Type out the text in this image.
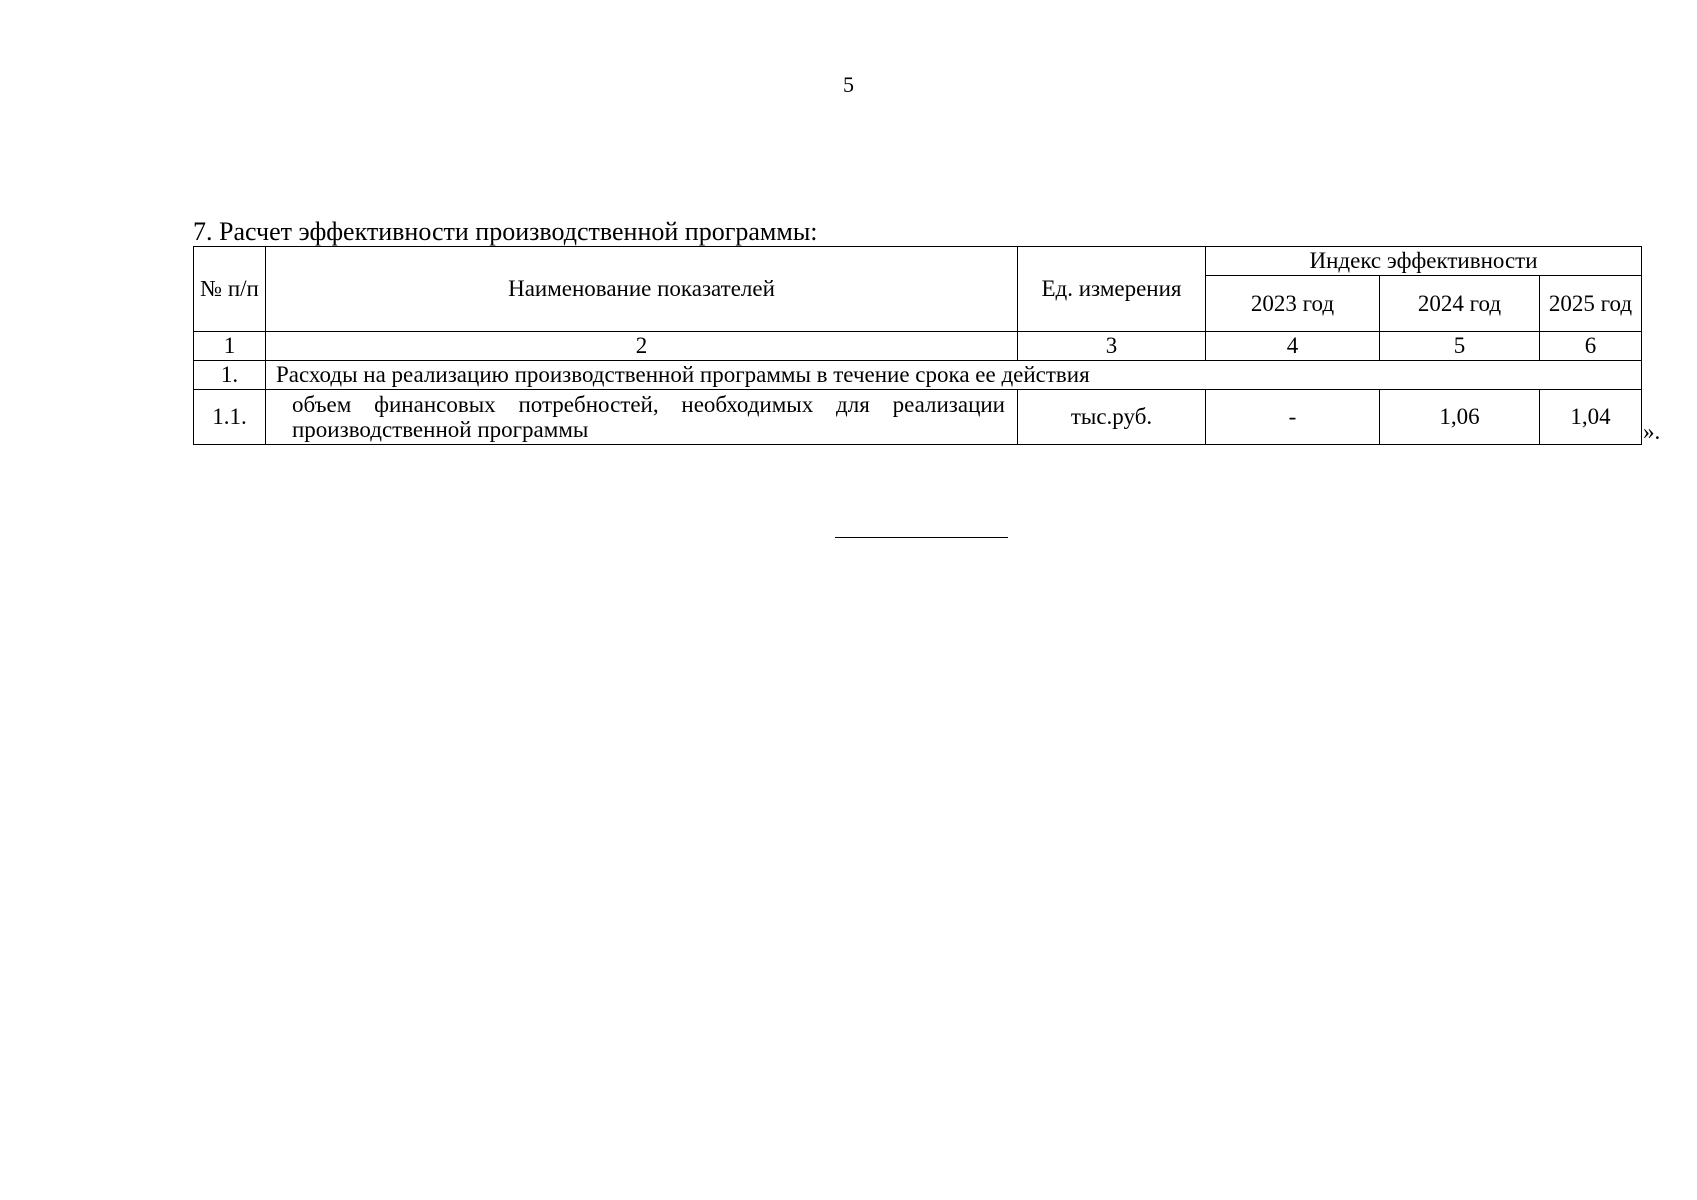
5
7. Расчет эффективности производственной программы:
№ п/п	Наименование показателей	Ед. измерения	Индекс эффективности		
			2023 год	2024 год	2025 год
1	2	3	4	5	6
1.	Расходы на реализацию производственной программы в течение срока ее действия				
1.1.	объем финансовых потребностей, необходимых для реализации производственной программы	тыс.руб.	-	1,06	1,04
».
